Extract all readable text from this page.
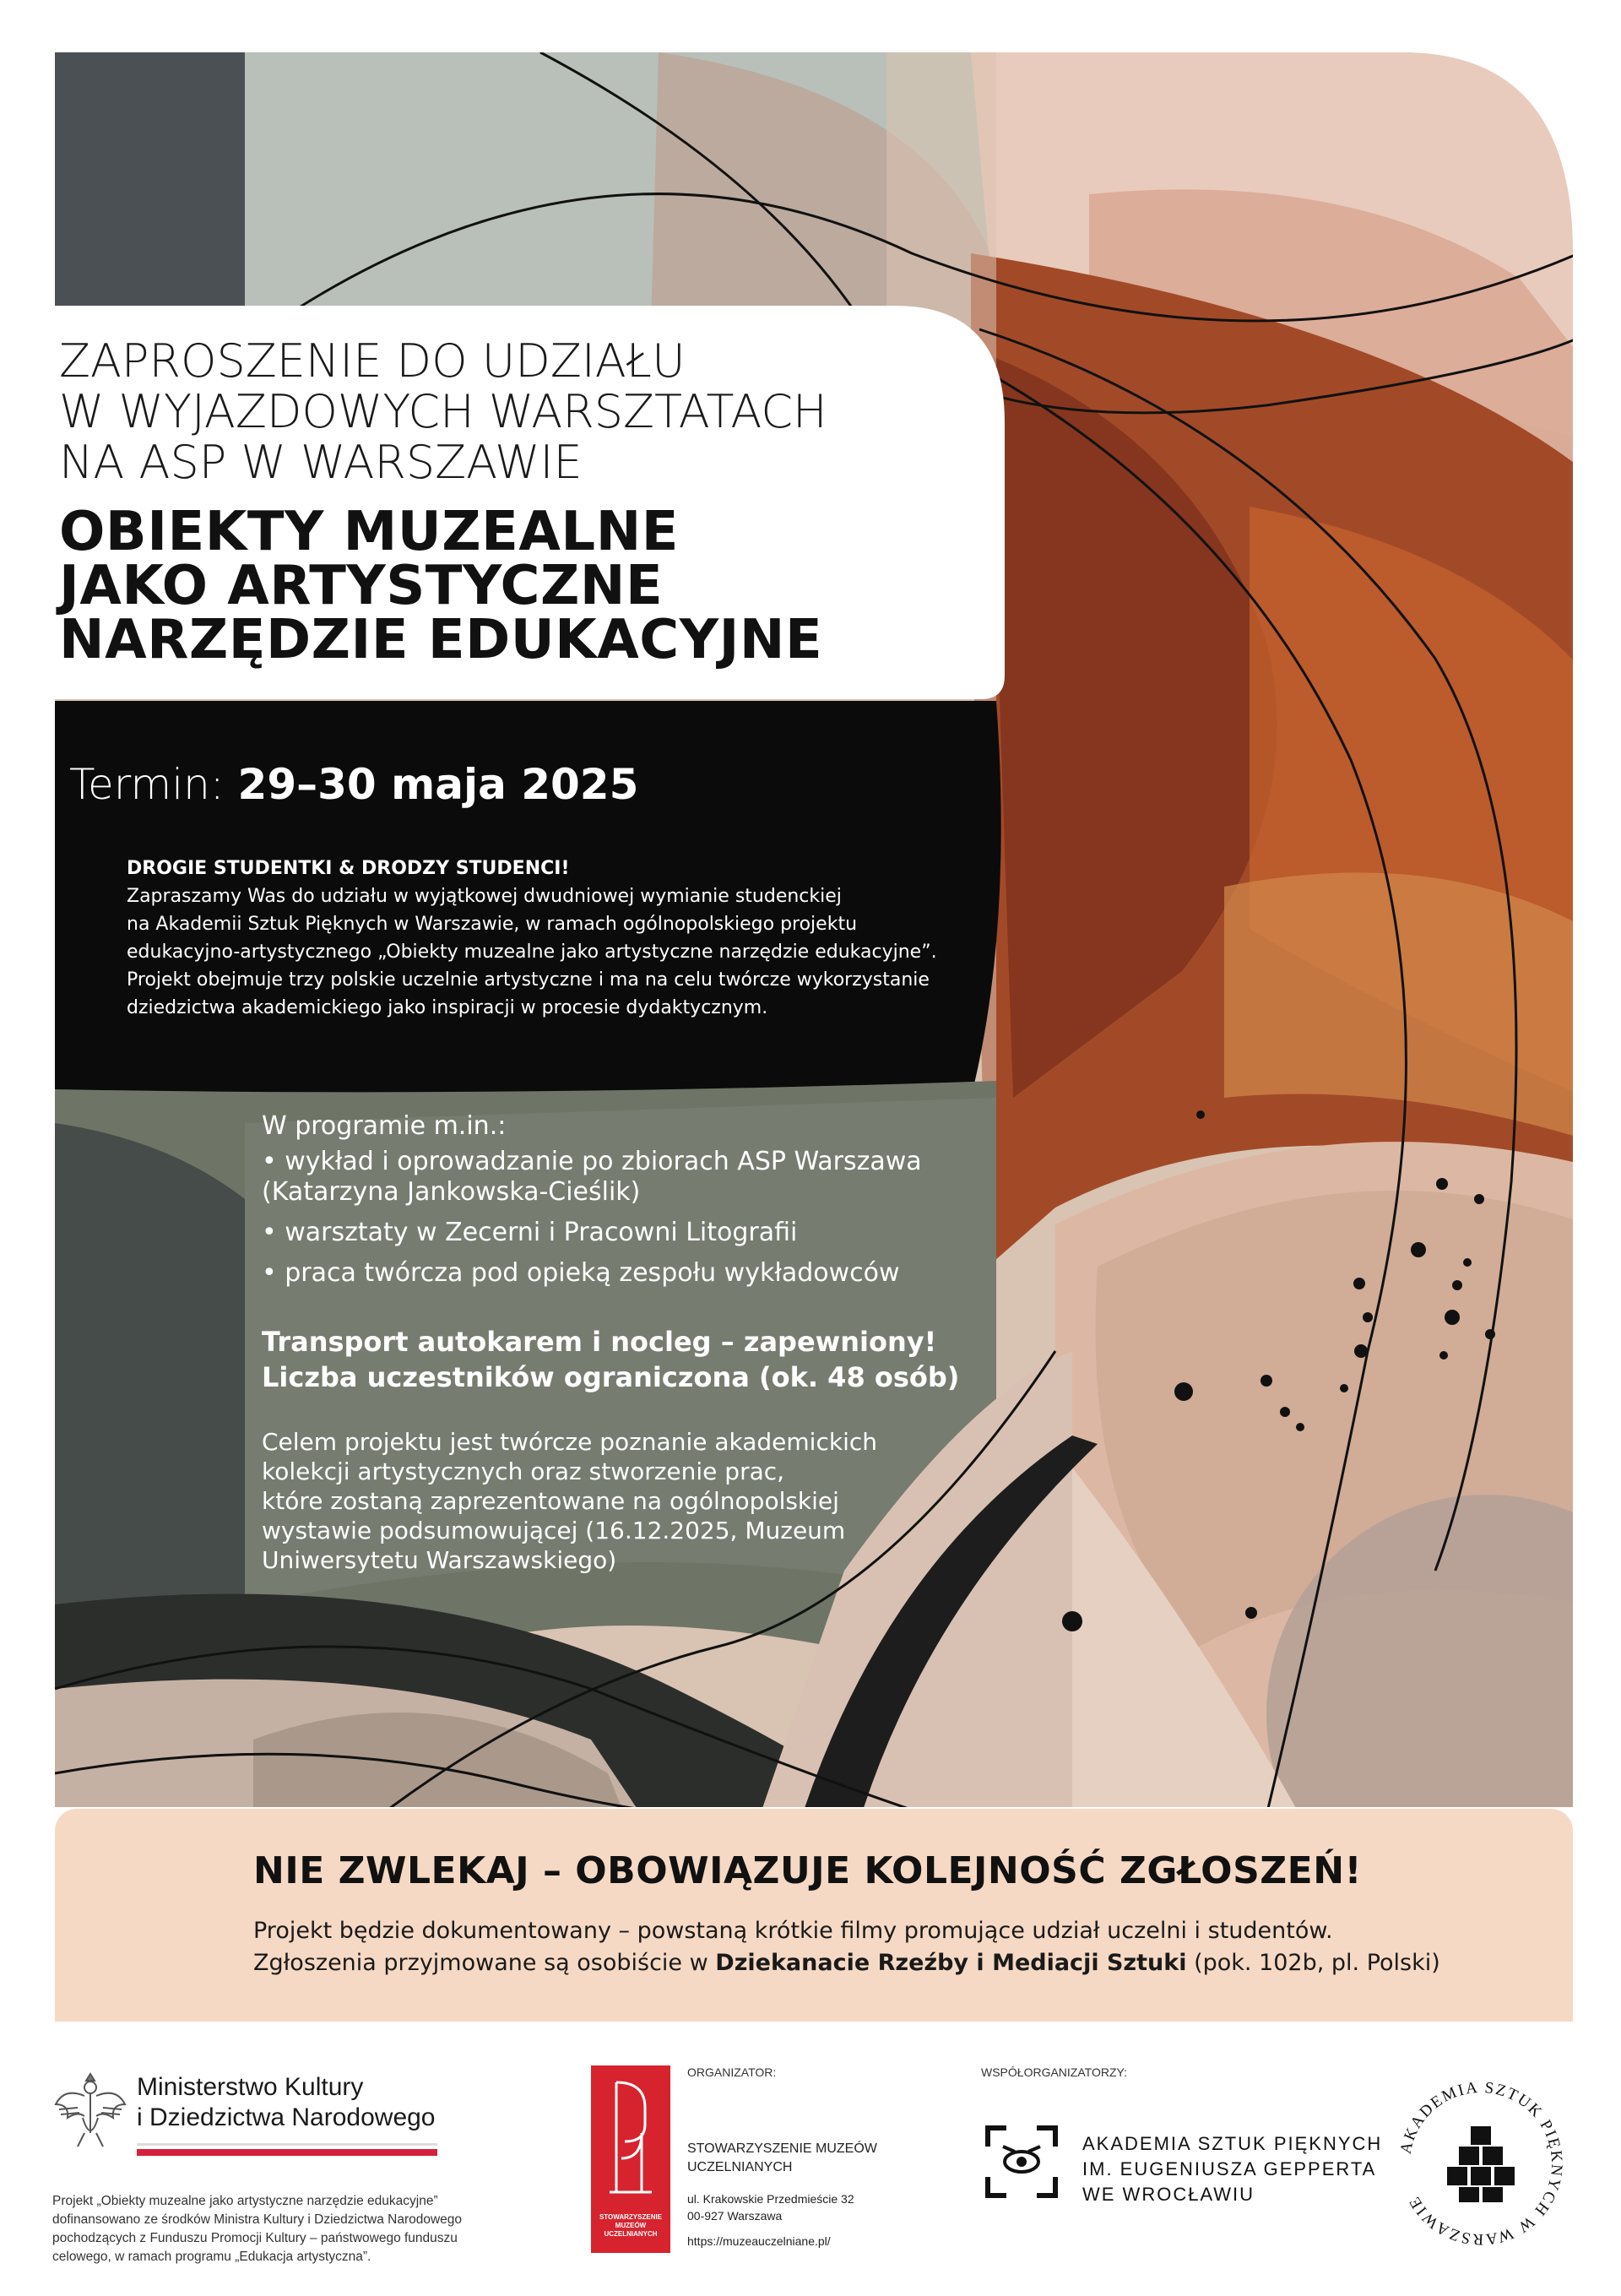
ZAPROSZENIE DO UDZIAŁU
W WYJAZDOWYCH WARSZTATACH
NA ASP W WARSZAWIE
OBIEKTY MUZEALNE
JAKO ARTYSTYCZNE
NARZĘDZIE EDUKACYJNE
Termin: 29–30 maja 2025
DROGIE STUDENTKI & DRODZY STUDENCI!
Zapraszamy Was do udziału w wyjątkowej dwudniowej wymianie studenckiej
na Akademii Sztuk Pięknych w Warszawie, w ramach ogólnopolskiego projektu
edukacyjno-artystycznego „Obiekty muzealne jako artystyczne narzędzie edukacyjne”.
Projekt obejmuje trzy polskie uczelnie artystyczne i ma na celu twórcze wykorzystanie
dziedzictwa akademickiego jako inspiracji w procesie dydaktycznym.
W programie m.in.:
• wykład i oprowadzanie po zbiorach ASP Warszawa
(Katarzyna Jankowska-Cieślik)
• warsztaty w Zecerni i Pracowni Litografii
• praca twórcza pod opieką zespołu wykładowców
Transport autokarem i nocleg – zapewniony!
Liczba uczestników ograniczona (ok. 48 osób)
Celem projektu jest twórcze poznanie akademickich
kolekcji artystycznych oraz stworzenie prac,
które zostaną zaprezentowane na ogólnopolskiej
wystawie podsumowującej (16.12.2025, Muzeum
Uniwersytetu Warszawskiego)
NIE ZWLEKAJ – OBOWIĄZUJE KOLEJNOŚĆ ZGŁOSZEŃ!
Projekt będzie dokumentowany – powstaną krótkie filmy promujące udział uczelni i studentów.
Zgłoszenia przyjmowane są osobiście w Dziekanacie Rzeźby i Mediacji Sztuki (pok. 102b, pl. Polski)
Ministerstwo Kultury
i Dziedzictwa Narodowego
Projekt „Obiekty muzealne jako artystyczne narzędzie edukacyjne”
dofinansowano ze środków Ministra Kultury i Dziedzictwa Narodowego
pochodzących z Funduszu Promocji Kultury – państwowego funduszu
celowego, w ramach programu „Edukacja artystyczna”.
STOWARZYSZENIE
MUZEÓW
UCZELNIANYCH
ORGANIZATOR:
STOWARZYSZENIE MUZEÓW
UCZELNIANYCH
ul. Krakowskie Przedmieście 32
00-927 Warszawa
https://muzeauczelniane.pl/
WSPÓŁORGANIZATORZY:
AKADEMIA SZTUK PIĘKNYCH
IM. EUGENIUSZA GEPPERTA
WE WROCŁAWIU
AKADEMIA SZTUK PIĘKNYCH W WARSZAWIE
